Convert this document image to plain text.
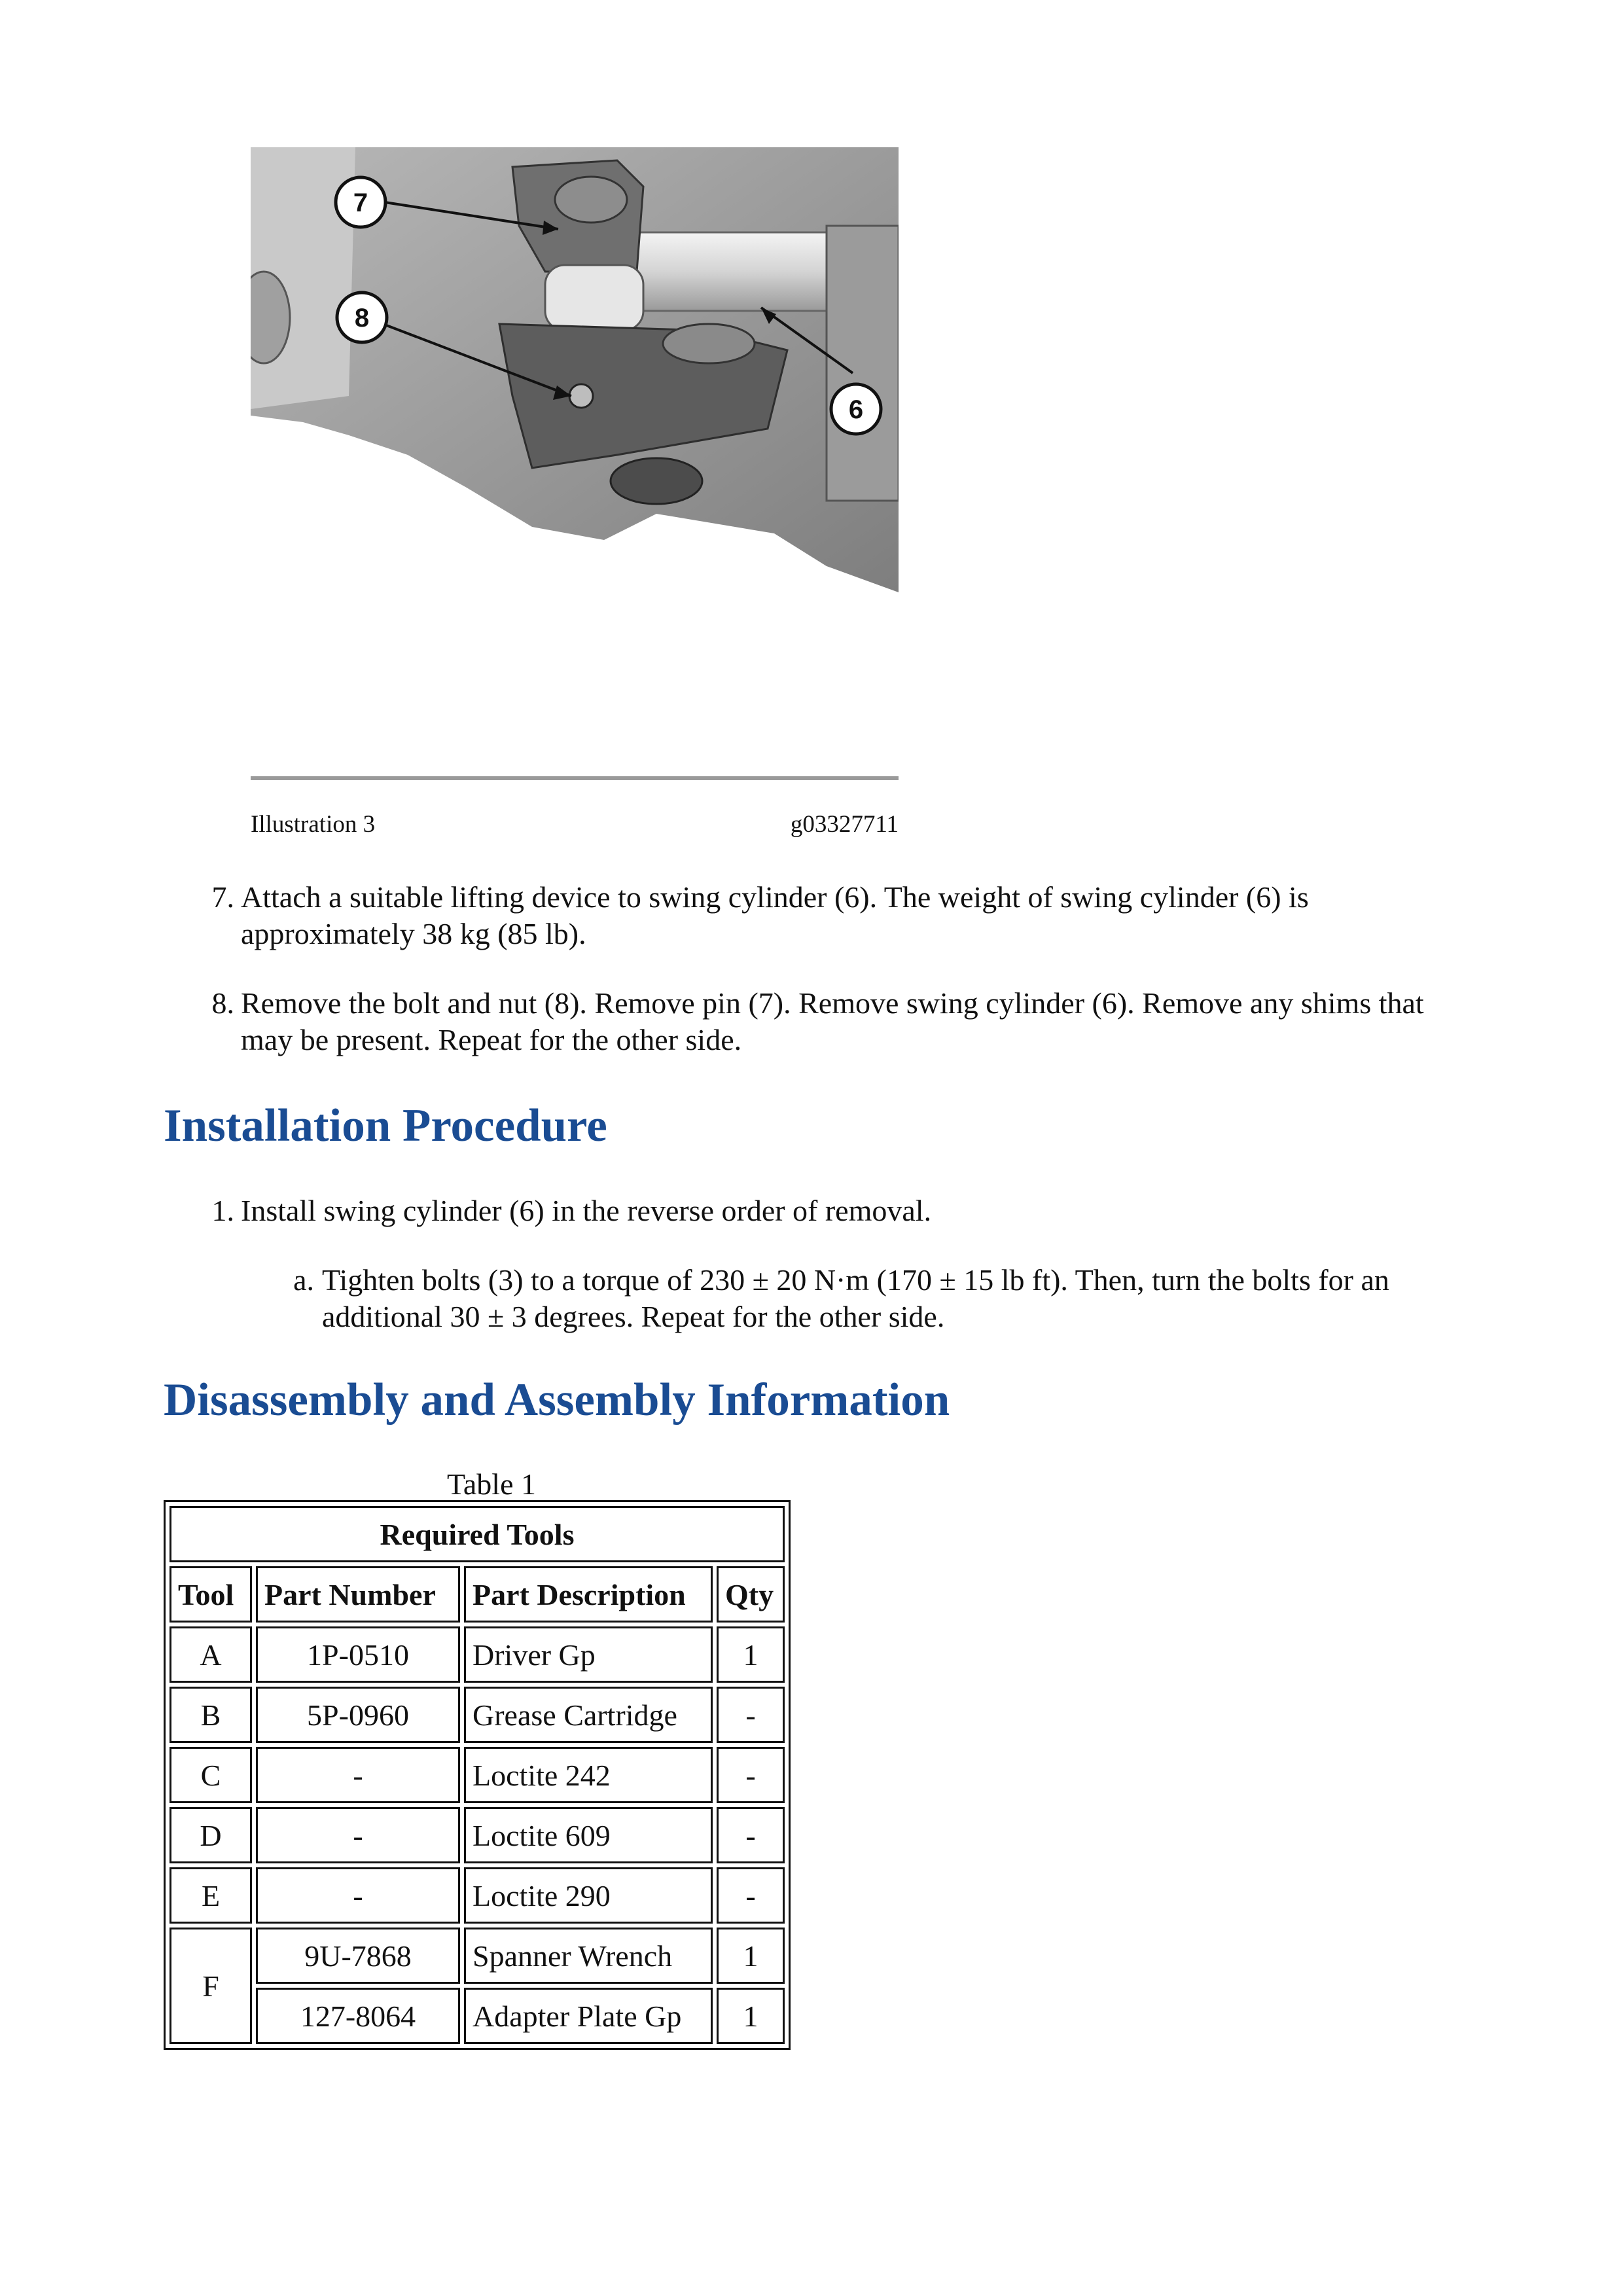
7
8
6
Illustration 3	g03327711
7. Attach a suitable lifting device to swing cylinder (6). The weight of swing cylinder (6) is approximately 38 kg (85 lb).
8. Remove the bolt and nut (8). Remove pin (7). Remove swing cylinder (6). Remove any shims that may be present. Repeat for the other side.
Installation Procedure
1. Install swing cylinder (6) in the reverse order of removal.
a. Tighten bolts (3) to a torque of 230 ± 20 N·m (170 ± 15 lb ft). Then, turn the bolts for an additional 30 ± 3 degrees. Repeat for the other side.
Disassembly and Assembly Information
Table 1
Required Tools			
Tool	Part Number	Part Description	Qty
A	1P-0510	Driver Gp	1
B	5P-0960	Grease Cartridge	-
C	-	Loctite 242	-
D	-	Loctite 609	-
E	-	Loctite 290	-
F	9U-7868	Spanner Wrench	1
	127-8064	Adapter Plate Gp	1
